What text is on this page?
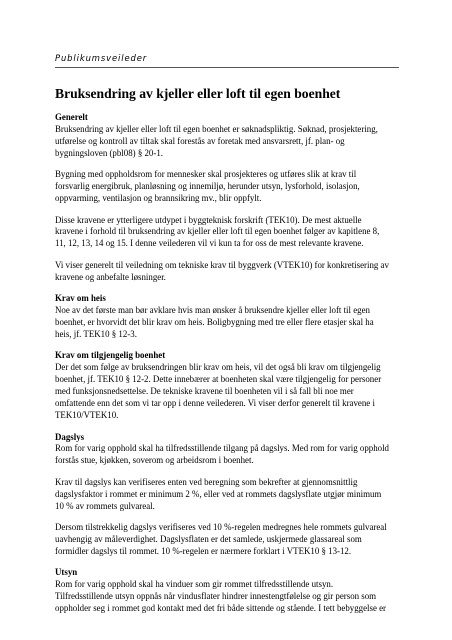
Publikumsveileder
Bruksendring av kjeller eller loft til egen boenhet
Generelt
Bruksendring av kjeller eller loft til egen boenhet er søknadspliktig. Søknad, prosjektering,
utførelse og kontroll av tiltak skal forestås av foretak med ansvarsrett, jf. plan- og
bygningsloven (pbl08) § 20-1.
Bygning med oppholdsrom for mennesker skal prosjekteres og utføres slik at krav til
forsvarlig energibruk, planløsning og innemiljø, herunder utsyn, lysforhold, isolasjon,
oppvarming, ventilasjon og brannsikring mv., blir oppfylt.
Disse kravene er ytterligere utdypet i byggteknisk forskrift (TEK10). De mest aktuelle
kravene i forhold til bruksendring av kjeller eller loft til egen boenhet følger av kapitlene 8,
11, 12, 13, 14 og 15. I denne veilederen vil vi kun ta for oss de mest relevante kravene.
Vi viser generelt til veiledning om tekniske krav til byggverk (VTEK10) for konkretisering av
kravene og anbefalte løsninger.
Krav om heis
Noe av det første man bør avklare hvis man ønsker å bruksendre kjeller eller loft til egen
boenhet, er hvorvidt det blir krav om heis. Boligbygning med tre eller flere etasjer skal ha
heis, jf. TEK10 § 12-3.
Krav om tilgjengelig boenhet
Der det som følge av bruksendringen blir krav om heis, vil det også bli krav om tilgjengelig
boenhet, jf. TEK10 § 12-2. Dette innebærer at boenheten skal være tilgjengelig for personer
med funksjonsnedsettelse. De tekniske kravene til boenheten vil i så fall bli noe mer
omfattende enn det som vi tar opp i denne veilederen. Vi viser derfor generelt til kravene i
TEK10/VTEK10.
Dagslys
Rom for varig opphold skal ha tilfredsstillende tilgang på dagslys. Med rom for varig opphold
forstås stue, kjøkken, soverom og arbeidsrom i boenhet.
Krav til dagslys kan verifiseres enten ved beregning som bekrefter at gjennomsnittlig
dagslysfaktor i rommet er minimum 2 %, eller ved at rommets dagslysflate utgjør minimum
10 % av rommets gulvareal.
Dersom tilstrekkelig dagslys verifiseres ved 10 %-regelen medregnes hele rommets gulvareal
uavhengig av måleverdighet. Dagslysflaten er det samlede, uskjermede glassareal som
formidler dagslys til rommet. 10 %-regelen er nærmere forklart i VTEK10 § 13-12.
Utsyn
Rom for varig opphold skal ha vinduer som gir rommet tilfredsstillende utsyn.
Tilfredsstillende utsyn oppnås når vindusflater hindrer innestengtfølelse og gir person som
oppholder seg i rommet god kontakt med det fri både sittende og stående. I tett bebyggelse er
